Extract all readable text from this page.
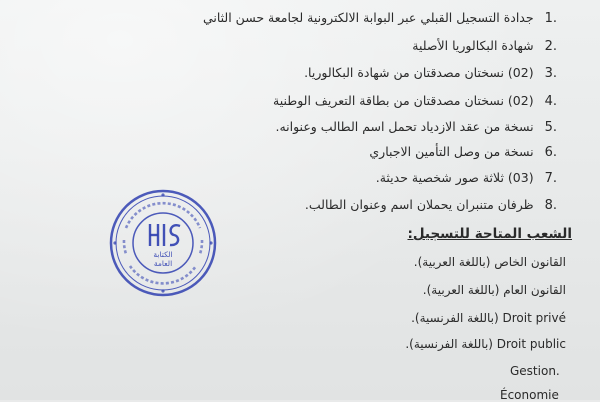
.1 جدادة التسجيل القبلي عبر البوابة الالكترونية لجامعة حسن الثاني
.2 شهادة البكالوريا الأصلية
.3 (02) نسختان مصدقتان من شهادة البكالوريا.
.4 (02) نسختان مصدقتان من بطاقة التعريف الوطنية
.5 نسخة من عقد الازدياد تحمل اسم الطالب وعنوانه.
.6 نسخة من وصل التأمين الاجباري
.7 (03) ثلاثة صور شخصية حديثة.
.8 ظرفان متنبران يحملان اسم وعنوان الطالب.
الشعب المتاحة للتسجيل:
القانون الخاص (باللغة العربية).
القانون العام (باللغة العربية).
Droit privé (باللغة الفرنسية).
Droit public (باللغة الفرنسية).
Gestion.
Économie
الكتابة
العامة
